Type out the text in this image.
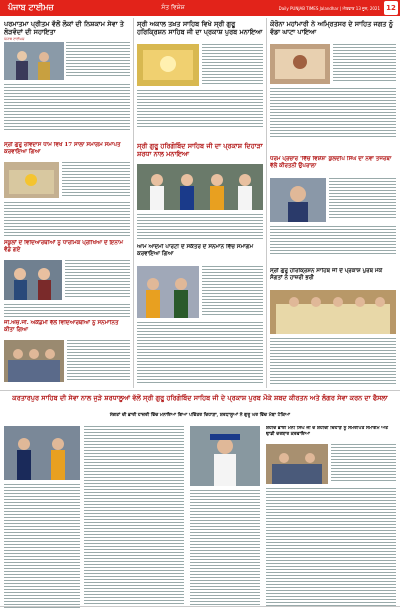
ਪੰਜਾਬ ਟਾਈਮਜ਼	ਸੰਤ ਵਿਸ਼ੇਸ਼	Daily PUNJAB TIMES Jalandhar | ਐਤਵਾਰ 13 ਜੂਨ, 2021 12
ਪਰਮਾਤਮਾ ਪ੍ਰੀਤਮ ਵੱਲੋਂ ਲੋਕਾਂ ਦੀ ਨਿਸ਼ਕਾਮ ਸੇਵਾ ਤੇ ਲੋੜਵੰਦਾਂ ਦੀ ਸਹਾਇਤਾ
ਪੰਜਾਬ ਟਾਈਮਜ਼
ਸ੍ਰੀ ਗੁਰੂ ਰਵਿਦਾਸ ਧਾਮ ਵਿਖੇ 17 ਸਾਲਾ ਸਮਾਗਮ ਸਮਾਪਤ ਕਰਵਾਇਆ ਗਿਆ
ਸਕੂਲਾਂ ਦੇ ਵਿਦਿਆਰਥੀਆਂ ਨੂੰ ਧਾਰਮਿਕ ਪ੍ਰੀਖਿਆ ਦੇ ਇਨਾਮ ਵੰਡੇ ਗਏ
ਜੀ.ਐਚ.ਜੀ. ਅਕੈਡਮੀ ਵੱਲੋਂ ਵਿਦਿਆਰਥੀਆਂ ਨੂੰ ਸਨਮਾਨਿਤ ਕੀਤਾ ਗਿਆ
ਸ੍ਰੀ ਅਕਾਲ ਤਖ਼ਤ ਸਾਹਿਬ ਵਿਖੇ ਸ੍ਰੀ ਗੁਰੂ ਹਰਿਕ੍ਰਿਸ਼ਨ ਸਾਹਿਬ ਜੀ ਦਾ ਪ੍ਰਕਾਸ਼ ਪੁਰਬ ਮਨਾਇਆ
ਸ੍ਰੀ ਗੁਰੂ ਹਰਿਗੋਬਿੰਦ ਸਾਹਿਬ ਜੀ ਦਾ ਪ੍ਰਕਾਸ਼ ਦਿਹਾੜਾ ਸ਼ਰਧਾ ਨਾਲ ਮਨਾਇਆ
ਆਮ ਆਦਮੀ ਪਾਰਟੀ ਦੇ ਸਕੱਤਰ ਦੇ ਸਨਮਾਨ ਵਿੱਚ ਸਮਾਗਮ ਕਰਵਾਇਆ ਗਿਆ
ਕੋਰੋਨਾ ਮਹਾਂਮਾਰੀ ਨੇ ਅਮ੍ਰਿਤਸਰ ਦੇ ਸਾਹਿਤ ਜਗਤ ਨੂੰ ਵੱਡਾ ਘਾਟਾ ਪਾਇਆ
ਧਰਮ ਪ੍ਰਚਾਰ 'ਵਿੱਚ ਵਿਸ਼ੇਸ਼' ਕੁਲਦੀਪ ਸਿੰਘ ਦਾ ਨਵਾ ਤਜਰਬਾ ਵੱਲੋਂ ਕੀਰਤਨੀ ਉਪਰਾਲਾ
ਸ੍ਰੀ ਗੁਰੂ ਹਰਿਕ੍ਰਿਸ਼ਨ ਸਾਹਿਬ ਜੀ ਦੇ ਪ੍ਰਕਾਸ਼ ਪੁਰਬ ਮੌਕੇ ਸੰਗਤਾਂ ਨੇ ਹਾਜ਼ਰੀ ਭਰੀ
ਕਰਤਾਰਪੁਰ ਸਾਹਿਬ ਦੀ ਸੇਵਾ ਨਾਲ ਜੁੜੇ ਸ਼ਰਧਾਲੂਆਂ ਵੱਲੋਂ ਸ੍ਰੀ ਗੁਰੂ ਹਰਿਗੋਬਿੰਦ ਸਾਹਿਬ ਜੀ ਦੇ ਪ੍ਰਕਾਸ਼ ਪੁਰਬ ਮੌਕੇ ਸ਼ਬਦ ਕੀਰਤਨ ਅਤੇ ਲੰਗਰ ਸੇਵਾ ਕਰਨ ਦਾ ਫੈਸਲਾ
ਸੰਗਤਾਂ ਦੀ ਭਾਰੀ ਹਾਜ਼ਰੀ ਵਿੱਚ ਮਨਾਇਆ ਗਿਆ ਪਵਿੱਤਰ ਦਿਹਾੜਾ, ਸ਼ਰਧਾਲੂਆਂ ਨੇ ਗੁਰੂ ਘਰ ਵਿੱਚ ਮੱਥਾ ਟੇਕਿਆ
ਸ਼ਹੀਦ ਭਾਈ ਮਨੀ ਸਿੰਘ ਜੀ ਦੇ ਸ਼ਹੀਦੀ ਦਿਹਾੜੇ ਨੂੰ ਸਮਰਪਿਤ ਸਮਾਗਮ ਅਤੇ ਢਾਡੀ ਦਰਬਾਰ ਕਰਵਾਇਆ
